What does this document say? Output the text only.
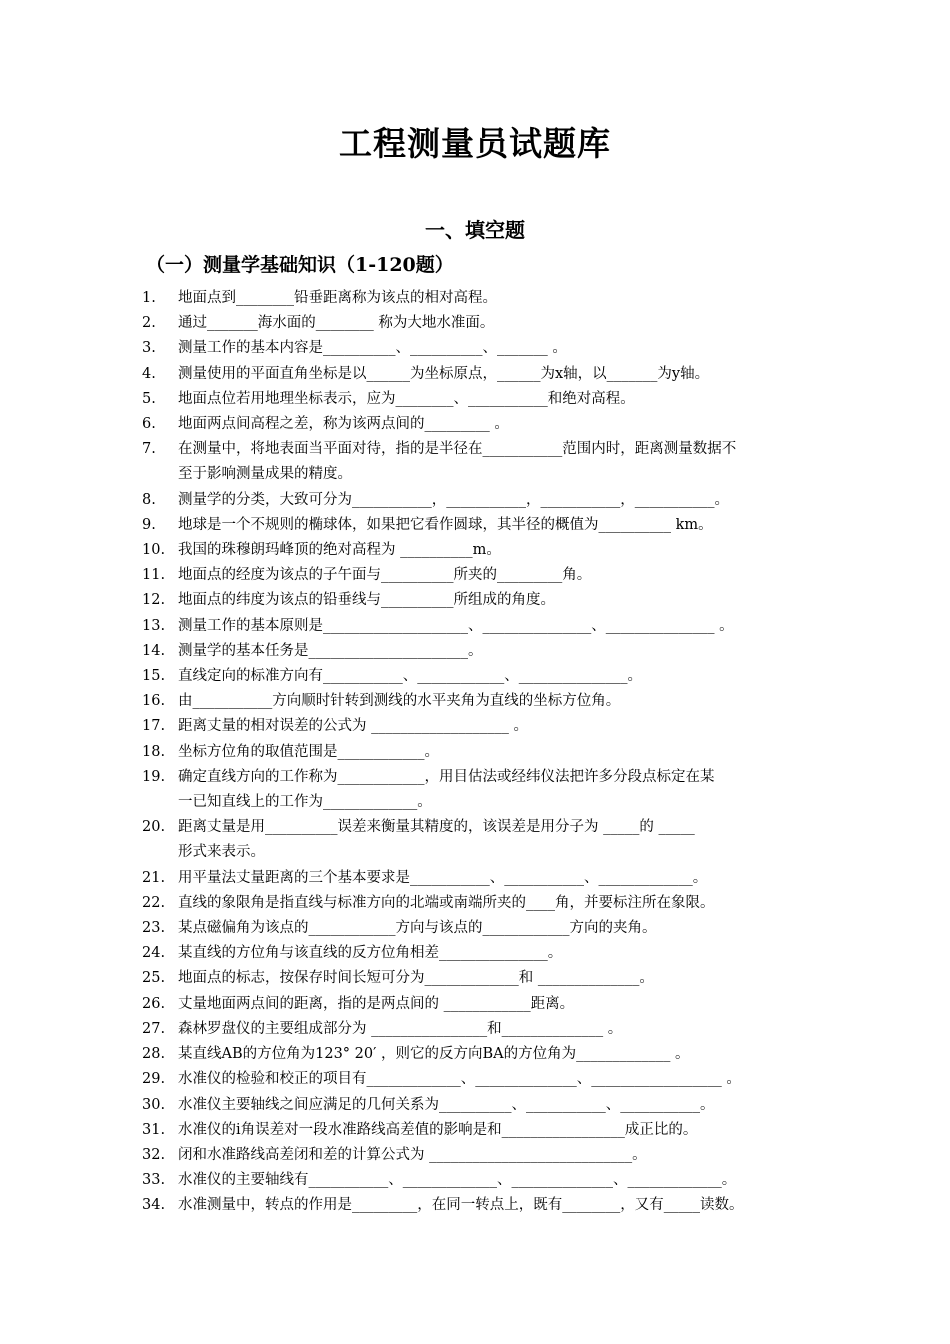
工程测量员试题库
一、填空题
（一）测量学基础知识（1-120题）
1.	地面点到________铅垂距离称为该点的相对高程。
2.	通过_______海水面的________ 称为大地水准面。
3.	测量工作的基本内容是__________、__________、_______ 。
4.	测量使用的平面直角坐标是以______为坐标原点，______为x轴，以_______为y轴。
5.	地面点位若用地理坐标表示，应为________、___________和绝对高程。
6.	地面两点间高程之差，称为该两点间的_________ 。
7.	在测量中，将地表面当平面对待，指的是半径在___________范围内时，距离测量数据不
至于影响测量成果的精度。
8.	测量学的分类，大致可分为___________，___________，___________，___________。
9.	地球是一个不规则的椭球体，如果把它看作圆球，其半径的概值为__________ km。
10. 我国的珠穆朗玛峰顶的绝对高程为 __________m。
11. 地面点的经度为该点的子午面与__________所夹的_________角。
12. 地面点的纬度为该点的铅垂线与__________所组成的角度。
13. 测量工作的基本原则是____________________、_______________、_______________ 。
14. 测量学的基本任务是______________________。
15. 直线定向的标准方向有___________、____________、_______________。
16. 由___________方向顺时针转到测线的水平夹角为直线的坐标方位角。
17. 距离丈量的相对误差的公式为 ___________________ 。
18. 坐标方位角的取值范围是____________。
19. 确定直线方向的工作称为____________，用目估法或经纬仪法把许多分段点标定在某
一已知直线上的工作为_____________。
20. 距离丈量是用__________误差来衡量其精度的，该误差是用分子为 _____的 _____
形式来表示。
21. 用平量法丈量距离的三个基本要求是___________、___________、_____________。
22. 直线的象限角是指直线与标准方向的北端或南端所夹的____角，并要标注所在象限。
23. 某点磁偏角为该点的____________方向与该点的____________方向的夹角。
24. 某直线的方位角与该直线的反方位角相差_______________。
25. 地面点的标志，按保存时间长短可分为_____________和 ______________。
26. 丈量地面两点间的距离，指的是两点间的 ____________距离。
27. 森林罗盘仪的主要组成部分为 ________________和______________ 。
28. 某直线AB的方位角为123° 20′ ，则它的反方向BA的方位角为_____________ 。
29. 水准仪的检验和校正的项目有_____________、______________、__________________ 。
30. 水准仪主要轴线之间应满足的几何关系为__________、___________、___________。
31. 水准仪的i角误差对一段水准路线高差值的影响是和_________________成正比的。
32. 闭和水准路线高差闭和差的计算公式为 ____________________________。
33. 水准仪的主要轴线有___________、_____________、______________、_____________。
34. 水准测量中，转点的作用是_________，在同一转点上，既有________，又有_____读数。
